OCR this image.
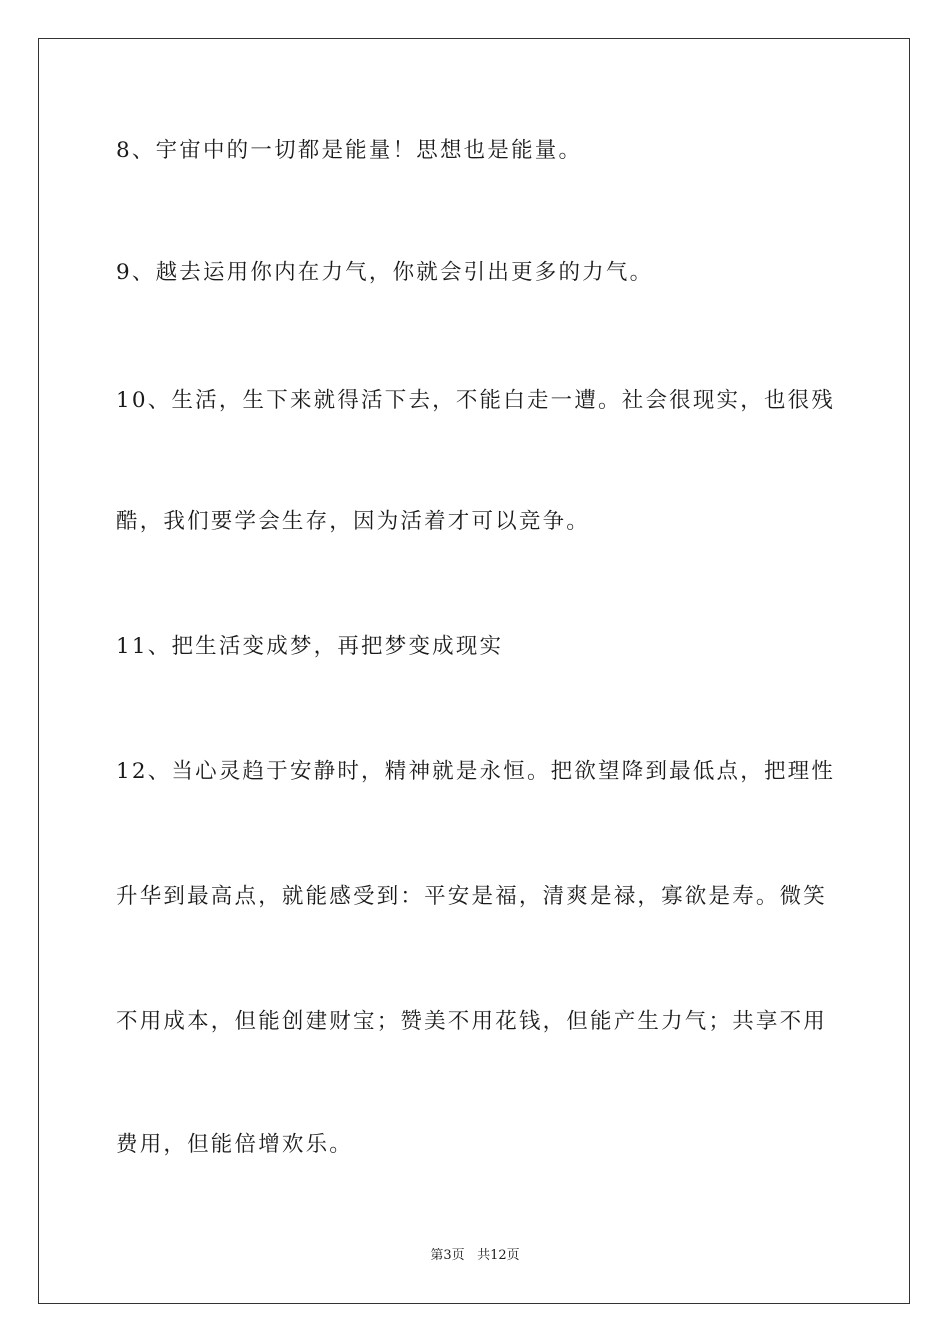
8、宇宙中的一切都是能量！思想也是能量。
9、越去运用你内在力气，你就会引出更多的力气。
10、生活，生下来就得活下去，不能白走一遭。社会很现实，也很残
酷，我们要学会生存，因为活着才可以竞争。
11、把生活变成梦，再把梦变成现实
12、当心灵趋于安静时，精神就是永恒。把欲望降到最低点，把理性
升华到最高点，就能感受到：平安是福，清爽是禄，寡欲是寿。微笑
不用成本，但能创建财宝；赞美不用花钱，但能产生力气；共享不用
费用，但能倍增欢乐。
第3页 共12页
